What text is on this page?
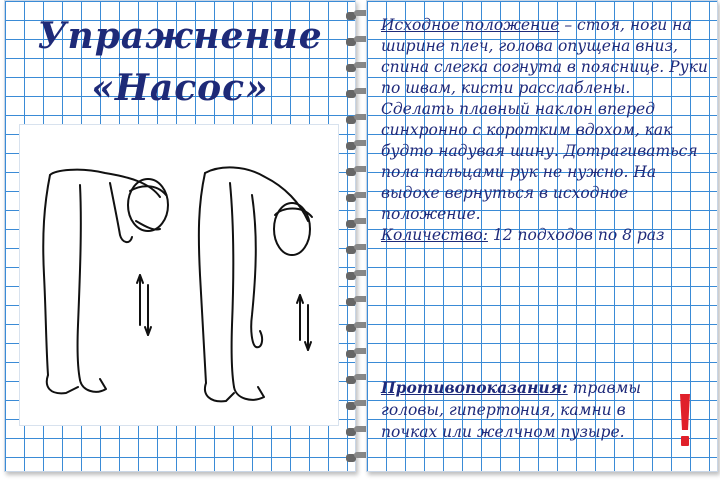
Упражнение
«Насос»

Исходное положение – стоя, ноги на ширине плеч, голова опущена вниз, спина слегка согнута в пояснице. Руки по швам, кисти расслаблены.

Сделать плавный наклон вперед синхронно с коротким вдохом, как будто надувая шину. Дотрагиваться пола пальцами рук не нужно. На выдохе вернуться в исходное положение.

Количество: 12 подходов по 8 раз

Противопоказания: травмы головы, гипертония, камни в почках или желчном пузыре.
